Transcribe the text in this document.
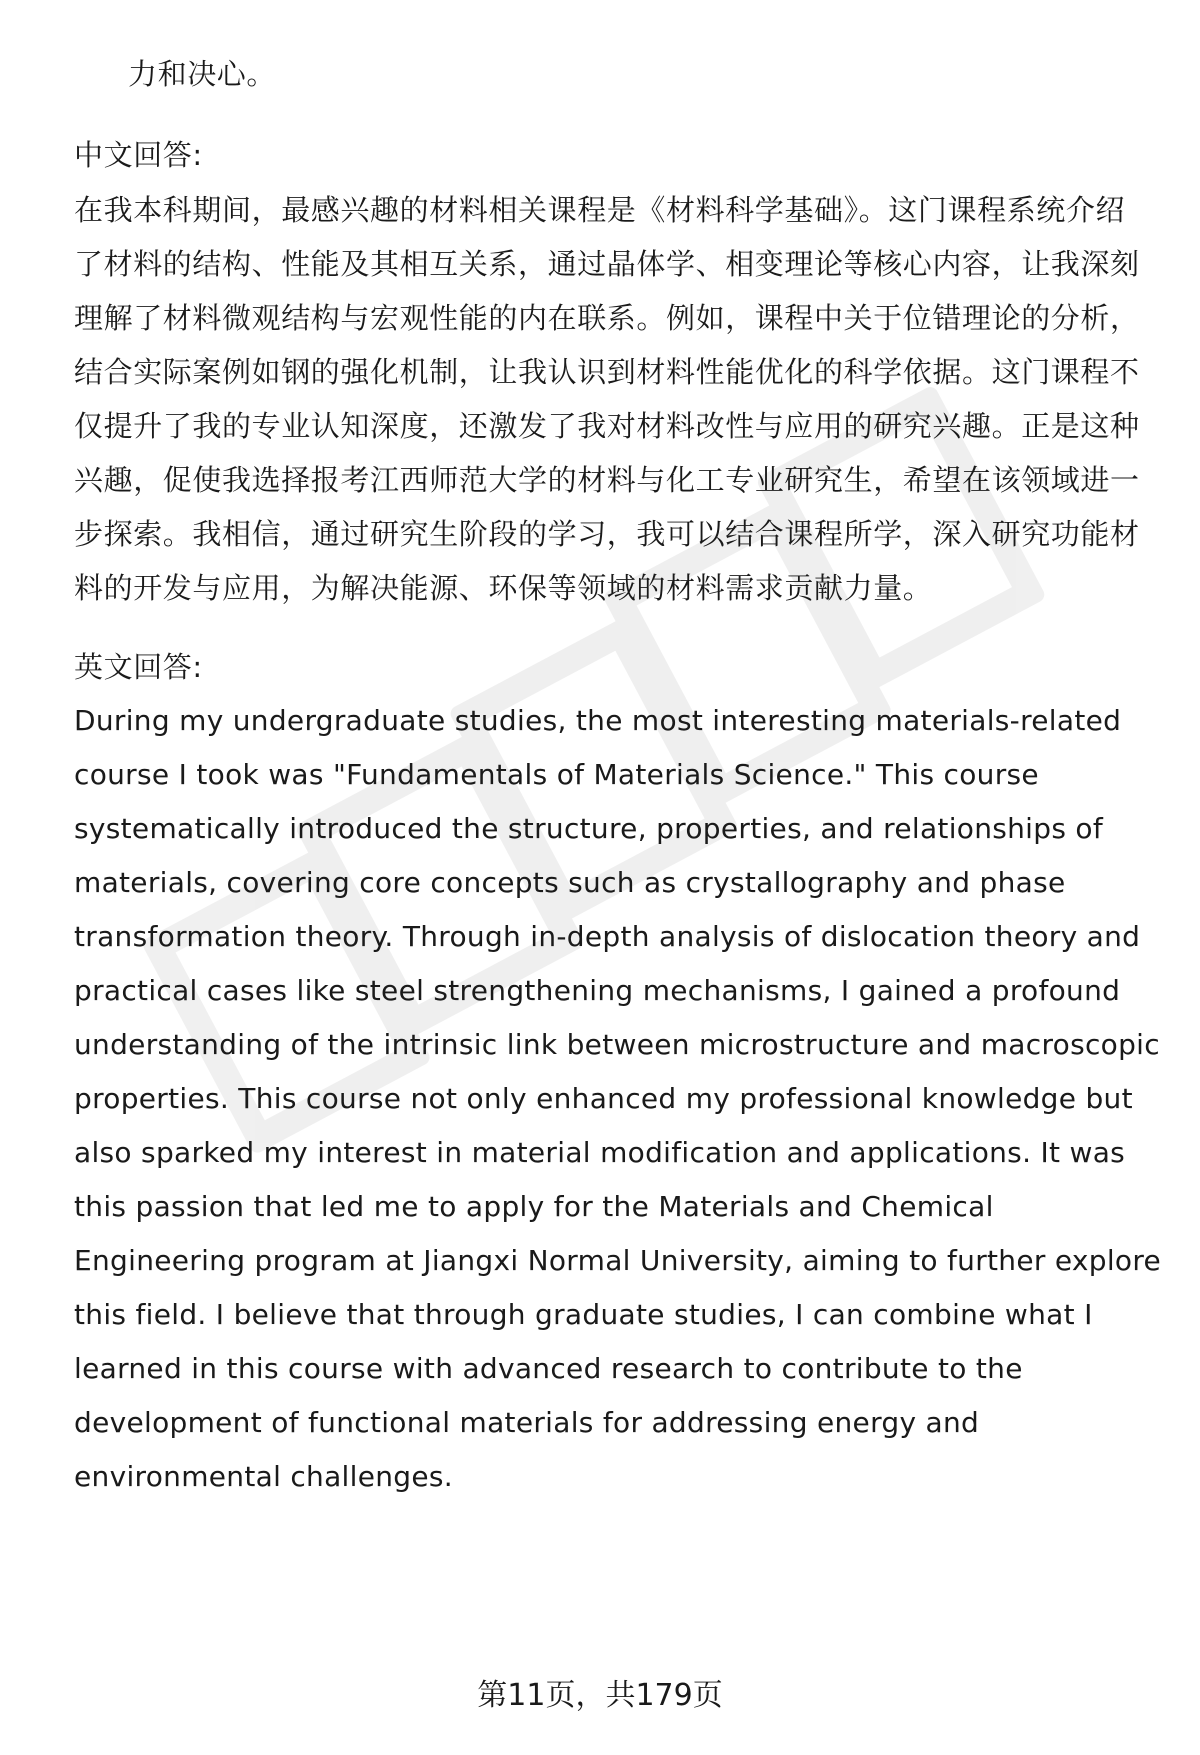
力和决心。
中文回答:
在我本科期间，最感兴趣的材料相关课程是《材料科学基础》。这门课程系统介绍
了材料的结构、性能及其相互关系，通过晶体学、相变理论等核心内容，让我深刻
理解了材料微观结构与宏观性能的内在联系。例如，课程中关于位错理论的分析，
结合实际案例如钢的强化机制，让我认识到材料性能优化的科学依据。这门课程不
仅提升了我的专业认知深度，还激发了我对材料改性与应用的研究兴趣。正是这种
兴趣，促使我选择报考江西师范大学的材料与化工专业研究生，希望在该领域进一
步探索。我相信，通过研究生阶段的学习，我可以结合课程所学，深入研究功能材
料的开发与应用，为解决能源、环保等领域的材料需求贡献力量。
英文回答:
During my undergraduate studies, the most interesting materials-related
course I took was "Fundamentals of Materials Science." This course
systematically introduced the structure, properties, and relationships of
materials, covering core concepts such as crystallography and phase
transformation theory. Through in-depth analysis of dislocation theory and
practical cases like steel strengthening mechanisms, I gained a profound
understanding of the intrinsic link between microstructure and macroscopic
properties. This course not only enhanced my professional knowledge but
also sparked my interest in material modification and applications. It was
this passion that led me to apply for the Materials and Chemical
Engineering program at Jiangxi Normal University, aiming to further explore
this field. I believe that through graduate studies, I can combine what I
learned in this course with advanced research to contribute to the
development of functional materials for addressing energy and
environmental challenges.
第11页，共179页
